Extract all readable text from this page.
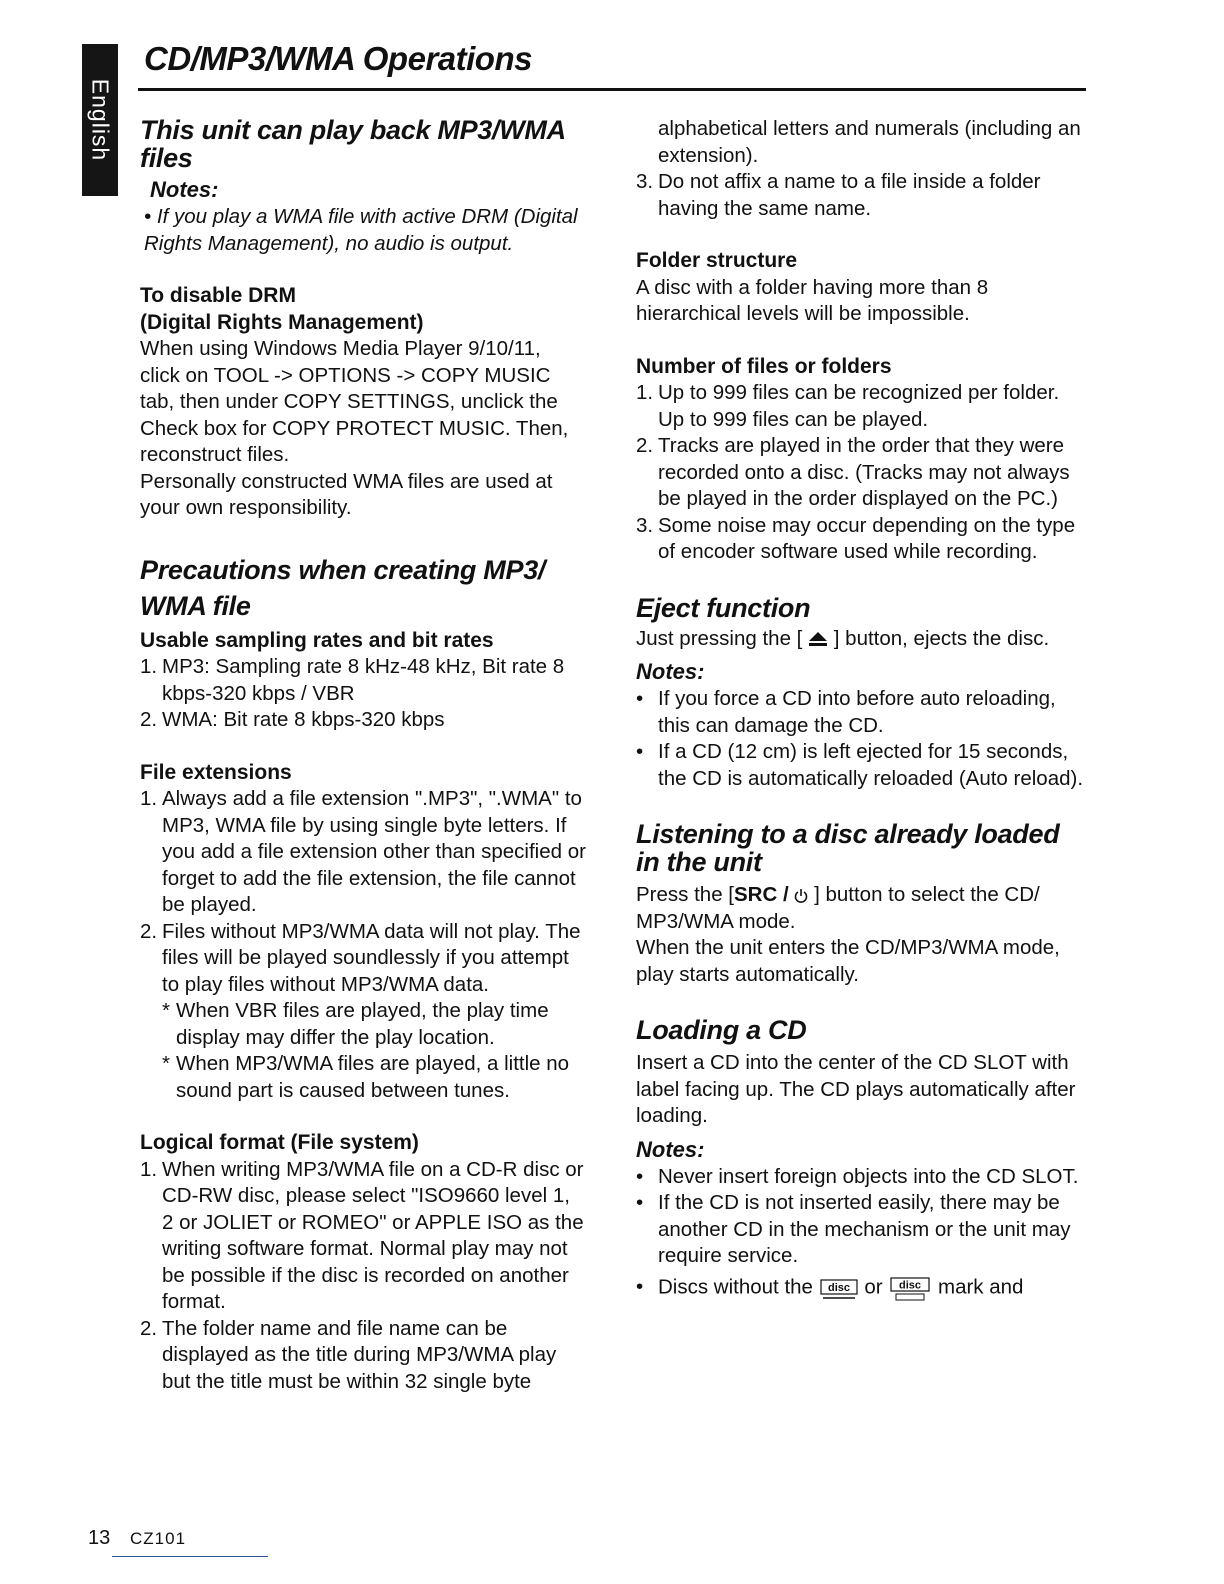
English
CD/MP3/WMA Operations

This unit can play back MP3/WMA files

Notes:

• If you play a WMA file with active DRM (Digital Rights Management), no audio is output.

To disable DRM

(Digital Rights Management)

When using Windows Media Player 9/10/11, click on TOOL -> OPTIONS -> COPY MUSIC tab, then under COPY SETTINGS, unclick the Check box for COPY PROTECT MUSIC. Then, reconstruct files.

Personally constructed WMA files are used at your own responsibility.

Precautions when creating MP3/ WMA file

Usable sampling rates and bit rates

1. MP3: Sampling rate 8 kHz-48 kHz, Bit rate 8 kbps-320 kbps / VBR
2. WMA: Bit rate 8 kbps-320 kbps

File extensions

1. Always add a file extension ".MP3", ".WMA" to MP3, WMA file by using single byte letters. If you add a file extension other than specified or forget to add the file extension, the file cannot be played.
2. Files without MP3/WMA data will not play. The files will be played soundlessly if you attempt to play files without MP3/WMA data.
* When VBR files are played, the play time display may differ the play location.
* When MP3/WMA files are played, a little no sound part is caused between tunes.

Logical format (File system)

1. When writing MP3/WMA file on a CD-R disc or CD-RW disc, please select "ISO9660 level 1, 2 or JOLIET or ROMEO" or APPLE ISO as the writing software format. Normal play may not be possible if the disc is recorded on another format.
2. The folder name and file name can be displayed as the title during MP3/WMA play but the title must be within 32 single byte

alphabetical letters and numerals (including an extension).

3. Do not affix a name to a file inside a folder having the same name.

Folder structure

A disc with a folder having more than 8 hierarchical levels will be impossible.

Number of files or folders

1. Up to 999 files can be recognized per folder.

Up to 999 files can be played.

2. Tracks are played in the order that they were recorded onto a disc. (Tracks may not always be played in the order displayed on the PC.)
3. Some noise may occur depending on the type of encoder software used while recording.

Eject function

Just pressing the [ ] button, ejects the disc.

Notes:

• If you force a CD into before auto reloading, this can damage the CD.
• If a CD (12 cm) is left ejected for 15 seconds, the CD is automatically reloaded (Auto reload).

Listening to a disc already loaded in the unit

Press the [SRC / ] button to select the CD/ MP3/WMA mode.

When the unit enters the CD/MP3/WMA mode, play starts automatically.

Loading a CD

Insert a CD into the center of the CD SLOT with label facing up. The CD plays automatically after loading.

Notes:

• Never insert foreign objects into the CD SLOT.
• If the CD is not inserted easily, there may be another CD in the mechanism or the unit may require service.
• Discs without the disc or disc mark and
13 CZ101
